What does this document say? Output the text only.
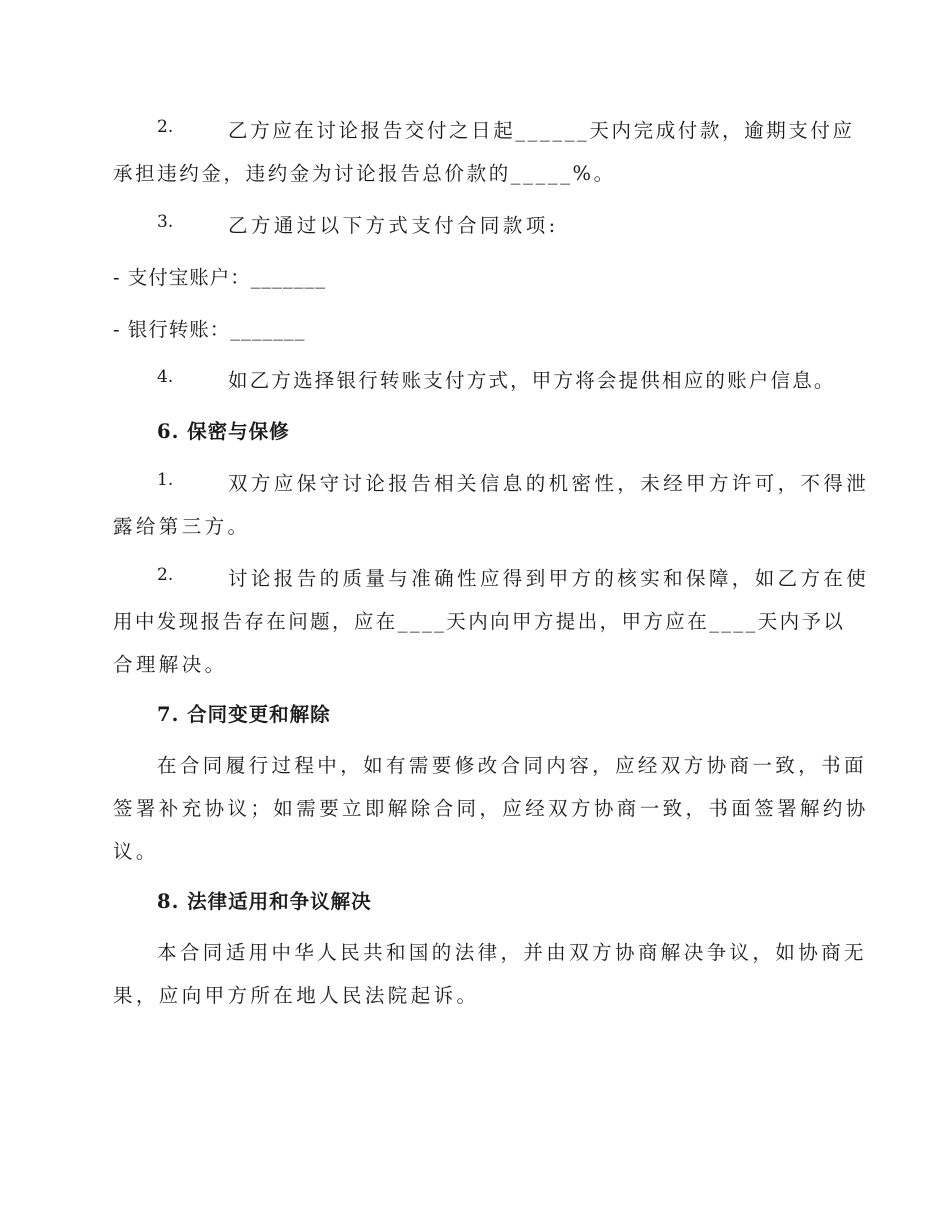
2.	乙方应在讨论报告交付之日起______天内完成付款，逾期支付应
承担违约金，违约金为讨论报告总价款的_____%。
3.	乙方通过以下方式支付合同款项:
- 支付宝账户：_______
- 银行转账：_______
4.	如乙方选择银行转账支付方式，甲方将会提供相应的账户信息。
6. 保密与保修
1.	双方应保守讨论报告相关信息的机密性，未经甲方许可，不得泄
露给第三方。
2.	讨论报告的质量与准确性应得到甲方的核实和保障，如乙方在使
用中发现报告存在问题，应在____天内向甲方提出，甲方应在____天内予以
合理解决。
7. 合同变更和解除
在合同履行过程中，如有需要修改合同内容，应经双方协商一致，书面
签署补充协议；如需要立即解除合同，应经双方协商一致，书面签署解约协
议。
8. 法律适用和争议解决
本合同适用中华人民共和国的法律，并由双方协商解决争议，如协商无
果，应向甲方所在地人民法院起诉。
